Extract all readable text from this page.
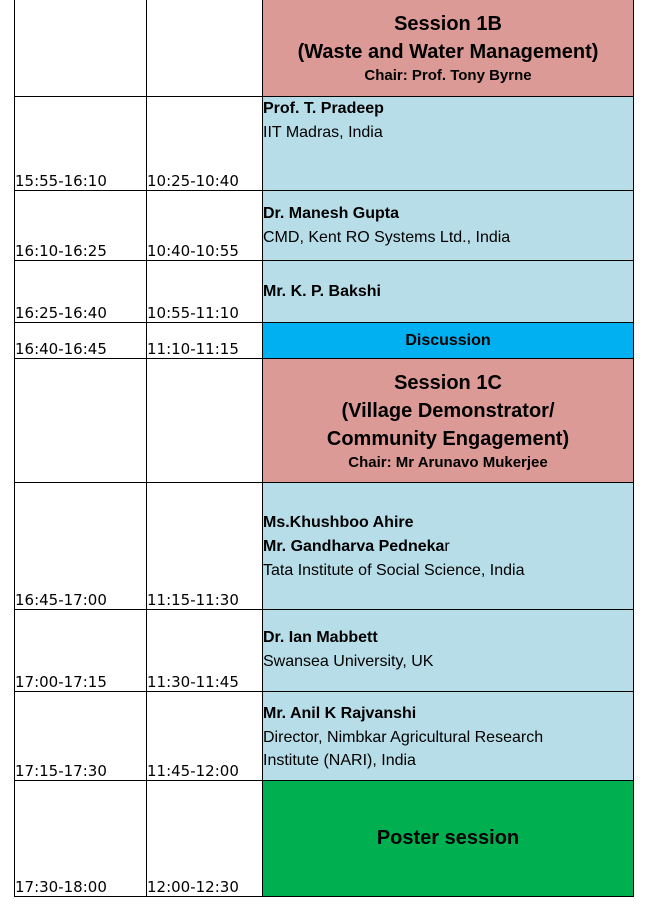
		Session 1B
(Waste and Water Management)
Chair: Prof. Tony Byrne

15:55-16:10	10:25-10:40	Prof. T. Pradeep
IIT Madras, India

16:10-16:25	10:40-10:55	Dr. Manesh Gupta
CMD, Kent RO Systems Ltd., India

16:25-16:40	10:55-11:10	Mr. K. P. Bakshi

16:40-16:45	11:10-11:15	Discussion

		Session 1C
(Village Demonstrator/
Community Engagement)
Chair: Mr Arunavo Mukerjee

16:45-17:00	11:15-11:30	Ms.Khushboo Ahire
Mr. Gandharva Pednekar
Tata Institute of Social Science, India

17:00-17:15	11:30-11:45	Dr. Ian Mabbett
Swansea University, UK

17:15-17:30	11:45-12:00	Mr. Anil K Rajvanshi
Director, Nimbkar Agricultural Research
Institute (NARI), India

17:30-18:00	12:00-12:30	Poster session
